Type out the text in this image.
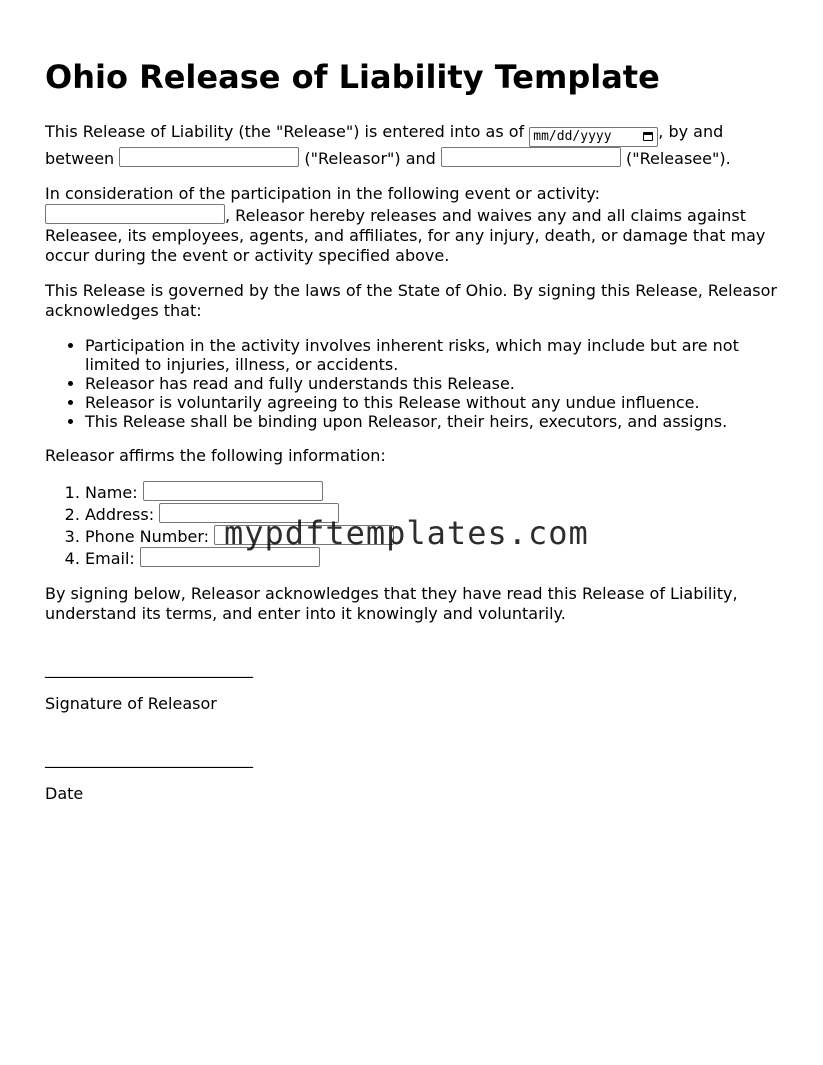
Ohio Release of Liability Template

This Release of Liability (the "Release") is entered into as of mm/dd/yyyy	, by and between	("Releasor") and	("Releasee").

In consideration of the participation in the following event or activity:
, Releasor hereby releases and waives any and all claims against Releasee, its employees, agents, and affiliates, for any injury, death, or damage that may occur during the event or activity specified above.

This Release is governed by the laws of the State of Ohio. By signing this Release, Releasor acknowledges that:

• Participation in the activity involves inherent risks, which may include but are not limited to injuries, illness, or accidents.
• Releasor has read and fully understands this Release.
• Releasor is voluntarily agreeing to this Release without any undue influence.
• This Release shall be binding upon Releasor, their heirs, executors, and assigns.

Releasor affirms the following information:

1. Name:
2. Address:
3. Phone Number:
4. Email:

By signing below, Releasor acknowledges that they have read this Release of Liability, understand its terms, and enter into it knowingly and voluntarily.

__________________________
Signature of Releasor
__________________________
Date
mypdftemplates.com
